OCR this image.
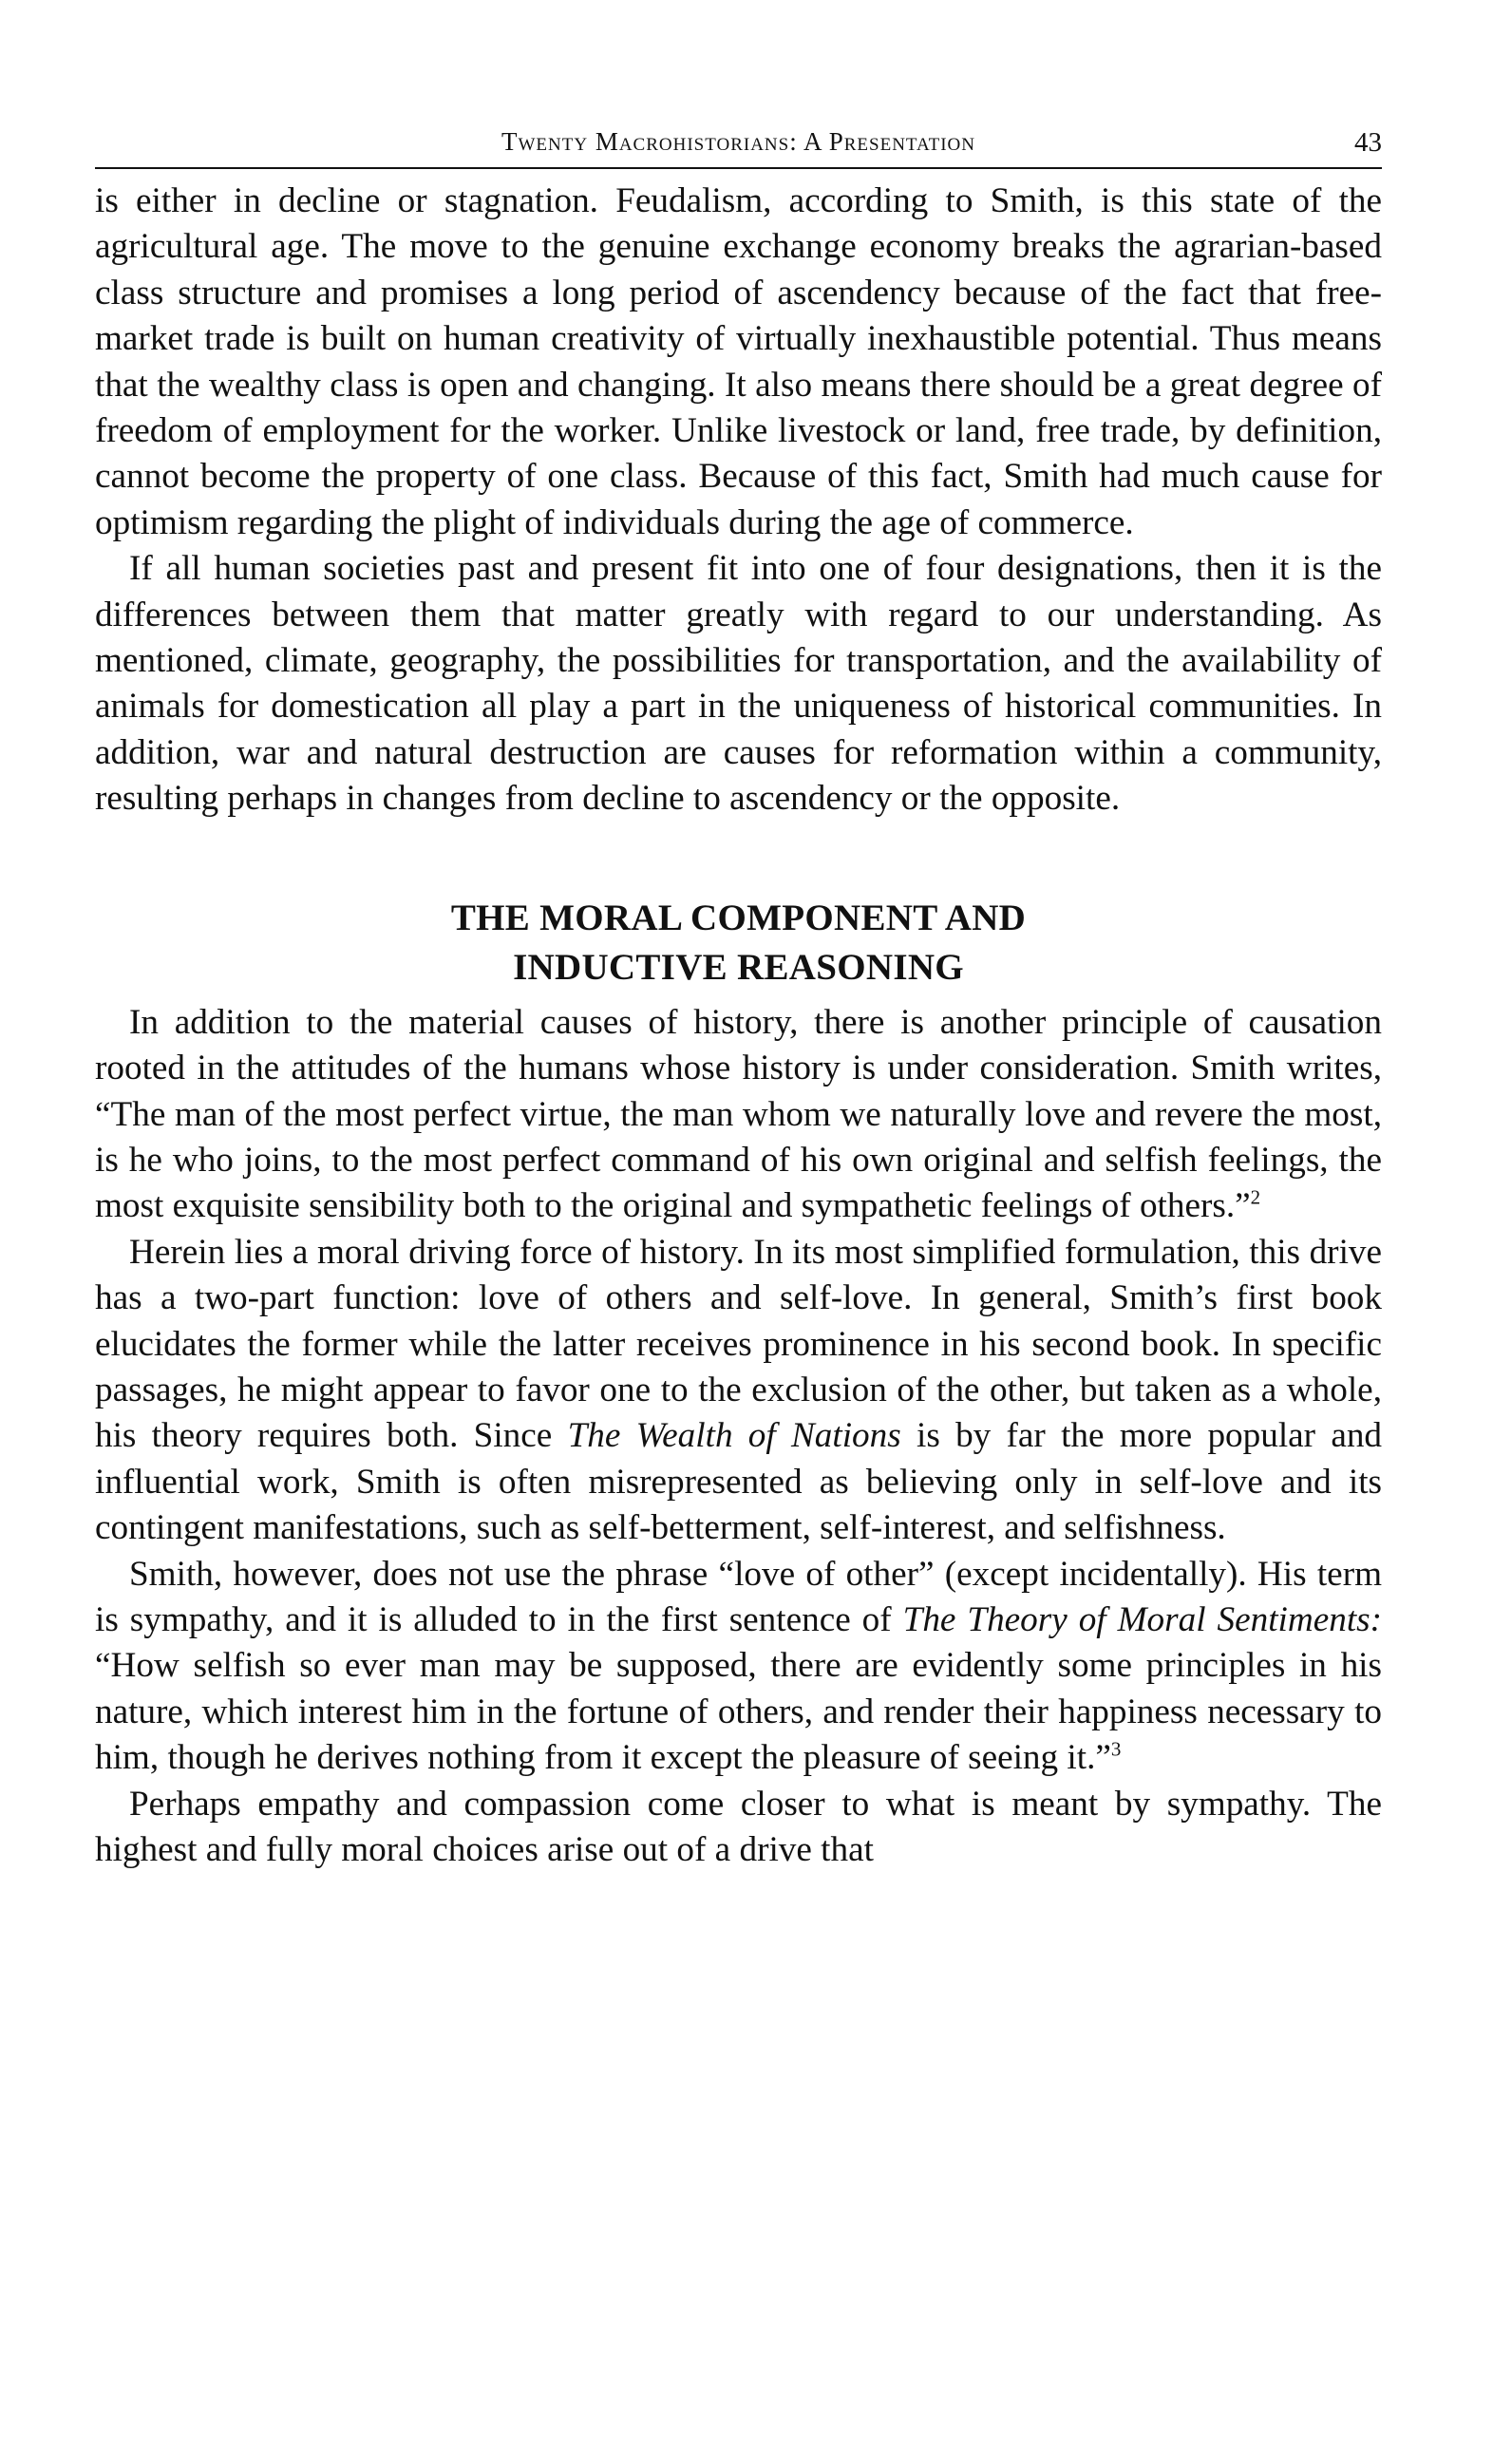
Twenty Macrohistorians: A Presentation	43

is either in decline or stagnation. Feudalism, according to Smith, is this state of the agricultural age. The move to the genuine exchange economy breaks the agrarian-based class structure and promises a long period of ascendency because of the fact that free-market trade is built on human creativity of virtually inexhaustible potential. Thus means that the wealthy class is open and changing. It also means there should be a great degree of freedom of employment for the worker. Unlike livestock or land, free trade, by definition, cannot become the property of one class. Because of this fact, Smith had much cause for optimism regarding the plight of individuals during the age of commerce.

If all human societies past and present fit into one of four designations, then it is the differences between them that matter greatly with regard to our understanding. As mentioned, climate, geography, the possibilities for transportation, and the availability of animals for domestication all play a part in the uniqueness of historical communities. In addition, war and natural destruction are causes for reformation within a community, resulting perhaps in changes from decline to ascendency or the opposite.

THE MORAL COMPONENT AND
INDUCTIVE REASONING

In addition to the material causes of history, there is another principle of causation rooted in the attitudes of the humans whose history is under consideration. Smith writes, “The man of the most perfect virtue, the man whom we naturally love and revere the most, is he who joins, to the most perfect command of his own original and selfish feelings, the most exquisite sensibility both to the original and sympathetic feelings of others.”$^2$

Herein lies a moral driving force of history. In its most simplified formulation, this drive has a two-part function: love of others and self-love. In general, Smith’s first book elucidates the former while the latter receives prominence in his second book. In specific passages, he might appear to favor one to the exclusion of the other, but taken as a whole, his theory requires both. Since The Wealth of Nations is by far the more popular and influential work, Smith is often misrepresented as believing only in self-love and its contingent manifestations, such as self-betterment, self-interest, and selfishness.

Smith, however, does not use the phrase “love of other” (except incidentally). His term is sympathy, and it is alluded to in the first sentence of The Theory of Moral Sentiments: “How selfish so ever man may be supposed, there are evidently some principles in his nature, which interest him in the fortune of others, and render their happiness necessary to him, though he derives nothing from it except the pleasure of seeing it.”$^3$

Perhaps empathy and compassion come closer to what is meant by sympathy. The highest and fully moral choices arise out of a drive that
